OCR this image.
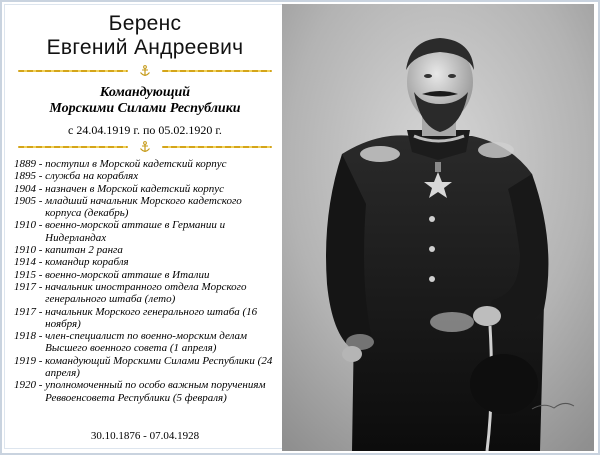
Беренс
Евгений Андреевич
Командующий
Морскими Силами Республики
с 24.04.1919 г. по 05.02.1920 г.
1889 - поступил в Морской кадетский корпус
1895 - служба на кораблях
1904 - назначен в Морской кадетский корпус
1905 - младший начальник Морского кадетского корпуса (декабрь)
1910 - военно-морской атташе в Германии и Нидерландах
1910 - капитан 2 ранга
1914 - командир корабля
1915 - военно-морской атташе в Италии
1917 - начальник иностранного отдела Морского генерального штаба (лето)
1917 - начальник Морского генерального штаба (16 ноября)
1918 - член-специалист по военно-морским делам Высшего военного совета (1 апреля)
1919 - командующий Морскими Силами Республики (24 апреля)
1920 - уполномоченный по особо важным поручениям Реввоенсовета Республики (5 февраля)
30.10.1876 - 07.04.1928
